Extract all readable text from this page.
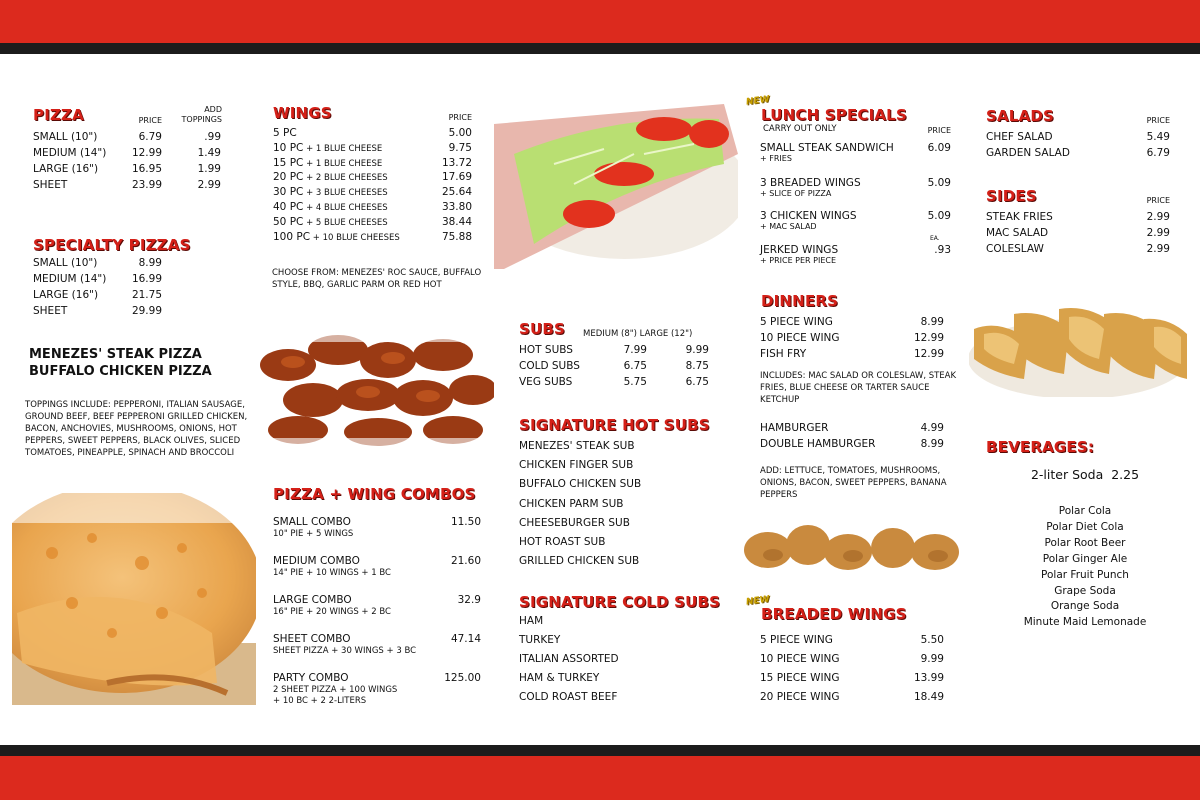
PIZZA	PRICE
ADD
TOPPINGS
SMALL (10")	6.79	.99
MEDIUM (14")	12.99	1.49
LARGE (16")	16.95	1.99
SHEET	23.99	2.99
SPECIALTY PIZZAS
SMALL (10")	8.99
MEDIUM (14")	16.99
LARGE (16")	21.75
SHEET	29.99
MENEZES' STEAK PIZZA
BUFFALO CHICKEN PIZZA
TOPPINGS INCLUDE: PEPPERONI, ITALIAN SAUSAGE, GROUND BEEF, BEEF PEPPERONI GRILLED CHICKEN, BACON, ANCHOVIES, MUSHROOMS, ONIONS, HOT PEPPERS, SWEET PEPPERS, BLACK OLIVES, SLICED TOMATOES, PINEAPPLE, SPINACH AND BROCCOLI
WINGS	PRICE
5 PC	5.00
10 PC + 1 BLUE CHEESE	9.75
15 PC + 1 BLUE CHEESE	13.72
20 PC + 2 BLUE CHEESES	17.69
30 PC + 3 BLUE CHEESES	25.64
40 PC + 4 BLUE CHEESES	33.80
50 PC + 5 BLUE CHEESES	38.44
100 PC + 10 BLUE CHEESES	75.88
CHOOSE FROM: MENEZES' ROC SAUCE, BUFFALO STYLE, BBQ, GARLIC PARM OR RED HOT
PIZZA + WING COMBOS
SMALL COMBO	11.50
10" PIE + 5 WINGS
MEDIUM COMBO	21.60
14" PIE + 10 WINGS + 1 BC
LARGE COMBO	32.9
16" PIE + 20 WINGS + 2 BC
SHEET COMBO	47.14
SHEET PIZZA + 30 WINGS + 3 BC
PARTY COMBO	125.00
2 SHEET PIZZA + 100 WINGS
+ 10 BC + 2 2-LITERS
SUBS MEDIUM (8") LARGE (12")
HOT SUBS	7.99	9.99
COLD SUBS	6.75	8.75
VEG SUBS	5.75	6.75
SIGNATURE HOT SUBS
MENEZES' STEAK SUB
CHICKEN FINGER SUB
BUFFALO CHICKEN SUB
CHICKEN PARM SUB
CHEESEBURGER SUB
HOT ROAST SUB
GRILLED CHICKEN SUB
SIGNATURE COLD SUBS
HAM
TURKEY
ITALIAN ASSORTED
HAM & TURKEY
COLD ROAST BEEF
NEW
LUNCH SPECIALS
CARRY OUT ONLY	PRICE
SMALL STEAK SANDWICH	6.09
+ FRIES
3 BREADED WINGS	5.09
+ SLICE OF PIZZA
3 CHICKEN WINGS	5.09
+ MAC SALAD
JERKED WINGS	.93
+ PRICE PER PIECE
EA.
DINNERS
5 PIECE WING	8.99
10 PIECE WING	12.99
FISH FRY	12.99
INCLUDES: MAC SALAD OR COLESLAW, STEAK FRIES, BLUE CHEESE OR TARTER SAUCE KETCHUP
HAMBURGER	4.99
DOUBLE HAMBURGER	8.99
ADD: LETTUCE, TOMATOES, MUSHROOMS, ONIONS, BACON, SWEET PEPPERS, BANANA PEPPERS
NEW
BREADED WINGS
5 PIECE WING	5.50
10 PIECE WING	9.99
15 PIECE WING	13.99
20 PIECE WING	18.49
SALADS	PRICE
CHEF SALAD	5.49
GARDEN SALAD	6.79
SIDES	PRICE
STEAK FRIES	2.99
MAC SALAD	2.99
COLESLAW	2.99
BEVERAGES:
2-liter Soda  2.25
Polar Cola
Polar Diet Cola
Polar Root Beer
Polar Ginger Ale
Polar Fruit Punch
Grape Soda
Orange Soda
Minute Maid Lemonade
